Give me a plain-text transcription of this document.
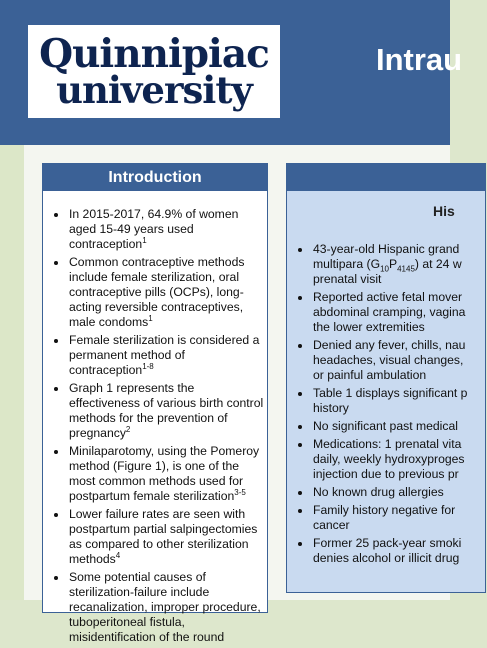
Quinnipiac
university
Intrau
Introduction
In 2015-2017, 64.9% of women aged 15-49 years used contraception$^1$
Common contraceptive methods include female sterilization, oral contraceptive pills (OCPs), long-acting reversible contraceptives, male condoms$^1$
Female sterilization is considered a permanent method of contraception$^{1-8}$
Graph 1 represents the effectiveness of various birth control methods for the prevention of pregnancy$^2$
Minilaparotomy, using the Pomeroy method (Figure 1), is one of the most common methods used for postpartum female sterilization$^{3-5}$
Lower failure rates are seen with postpartum partial salpingectomies as compared to other sterilization methods$^4$
Some potential causes of sterilization-failure include recanalization, improper procedure, tuboperitoneal fistula, misidentification of the round
His
43-year-old Hispanic grand
multipara $(G_{10}P_{4145})$ at 24 w
prenatal visit
Reported active fetal mover
abdominal cramping, vagina
the lower extremities
Denied any fever, chills, nau
headaches, visual changes,
or painful ambulation
Table 1 displays significant p
history
No significant past medical
Medications: 1 prenatal vita
daily, weekly hydroxyproges
injection due to previous pr
No known drug allergies
Family history negative for
cancer
Former 25 pack-year smoki
denies alcohol or illicit drug
